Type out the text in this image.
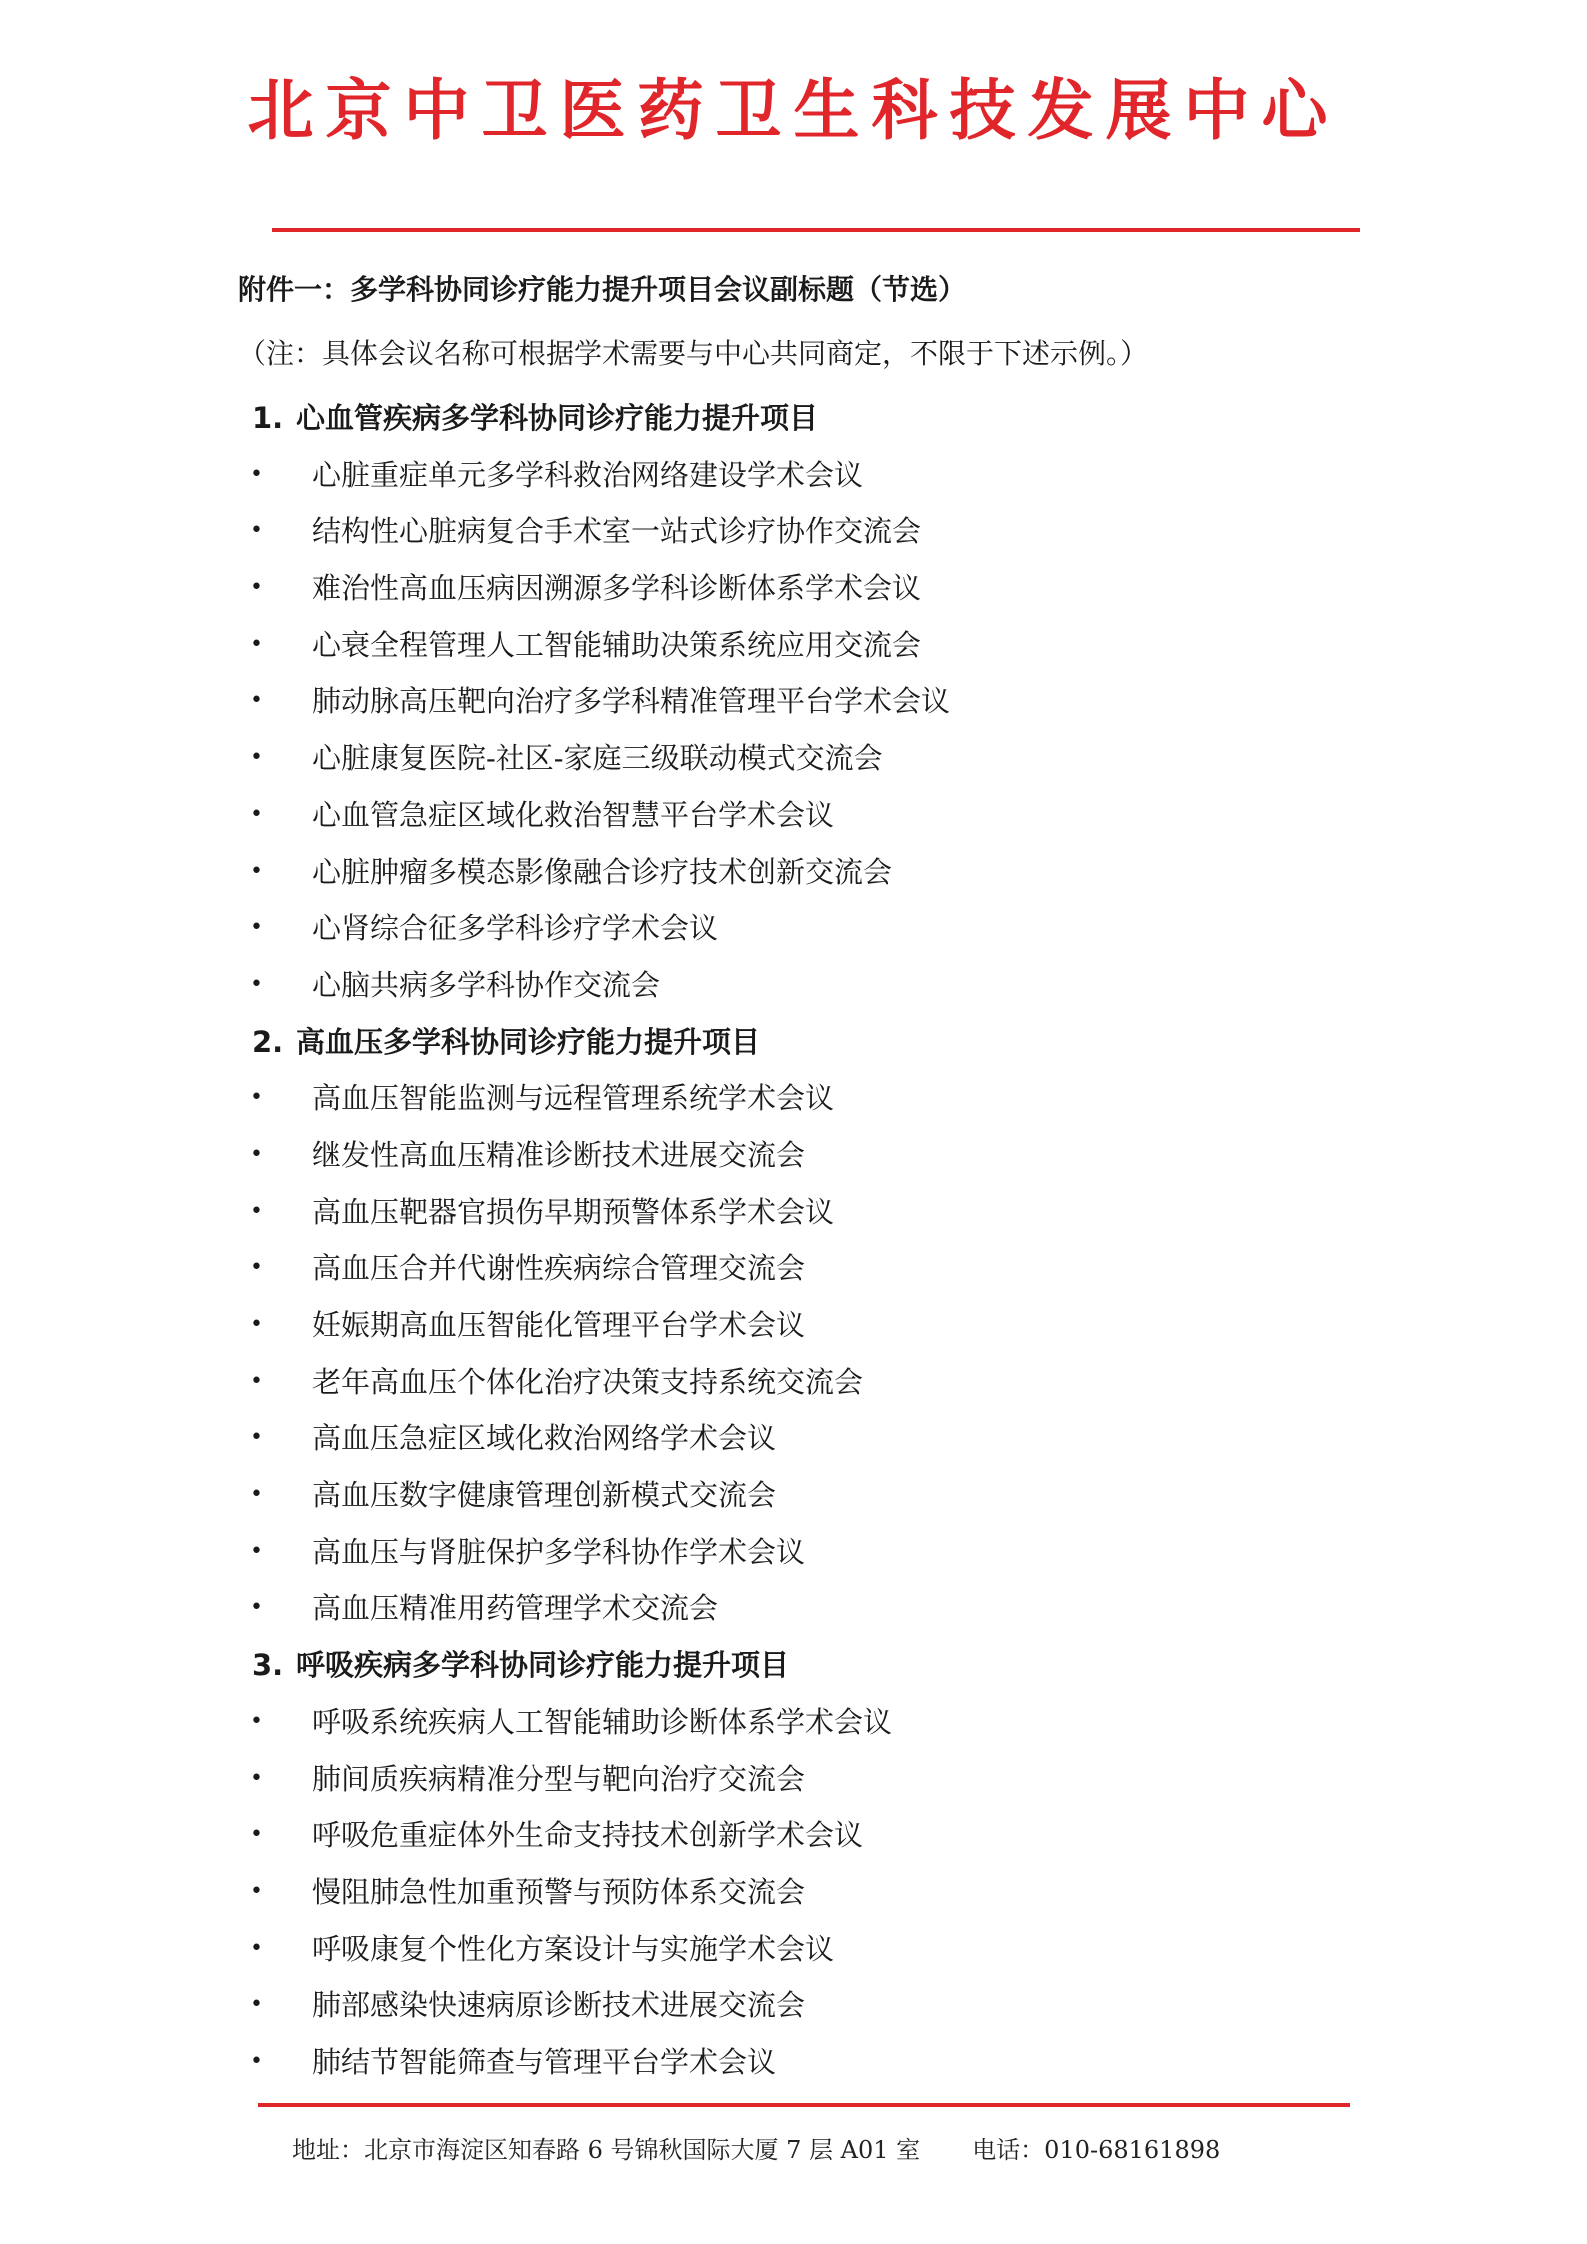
北京中卫医药卫生科技发展中心
附件一：多学科协同诊疗能力提升项目会议副标题（节选）
（注：具体会议名称可根据学术需要与中心共同商定，不限于下述示例。）
1. 心血管疾病多学科协同诊疗能力提升项目
• 心脏重症单元多学科救治网络建设学术会议
• 结构性心脏病复合手术室一站式诊疗协作交流会
• 难治性高血压病因溯源多学科诊断体系学术会议
• 心衰全程管理人工智能辅助决策系统应用交流会
• 肺动脉高压靶向治疗多学科精准管理平台学术会议
• 心脏康复医院-社区-家庭三级联动模式交流会
• 心血管急症区域化救治智慧平台学术会议
• 心脏肿瘤多模态影像融合诊疗技术创新交流会
• 心肾综合征多学科诊疗学术会议
• 心脑共病多学科协作交流会
2. 高血压多学科协同诊疗能力提升项目
• 高血压智能监测与远程管理系统学术会议
• 继发性高血压精准诊断技术进展交流会
• 高血压靶器官损伤早期预警体系学术会议
• 高血压合并代谢性疾病综合管理交流会
• 妊娠期高血压智能化管理平台学术会议
• 老年高血压个体化治疗决策支持系统交流会
• 高血压急症区域化救治网络学术会议
• 高血压数字健康管理创新模式交流会
• 高血压与肾脏保护多学科协作学术会议
• 高血压精准用药管理学术交流会
3. 呼吸疾病多学科协同诊疗能力提升项目
• 呼吸系统疾病人工智能辅助诊断体系学术会议
• 肺间质疾病精准分型与靶向治疗交流会
• 呼吸危重症体外生命支持技术创新学术会议
• 慢阻肺急性加重预警与预防体系交流会
• 呼吸康复个性化方案设计与实施学术会议
• 肺部感染快速病原诊断技术进展交流会
• 肺结节智能筛查与管理平台学术会议
地址：北京市海淀区知春路 6 号锦秋国际大厦 7 层 A01 室 电话：010-68161898
